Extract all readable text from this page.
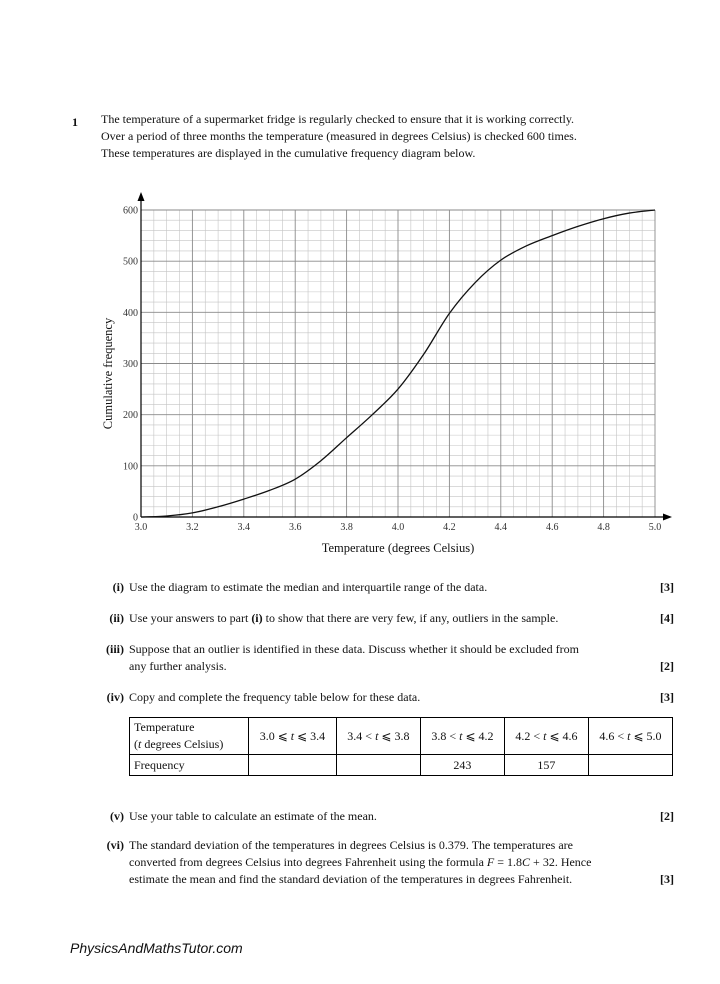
1 The temperature of a supermarket fridge is regularly checked to ensure that it is working correctly.

Over a period of three months the temperature (measured in degrees Celsius) is checked 600 times.

These temperatures are displayed in the cumulative frequency diagram below.

3.0	3.2	3.4	3.6	3.8	4.0	4.2	4.4	4.6	4.8	5.0
0
100
200
300
400
500
600
Temperature (degrees Celsius)
Cumulative frequency
(i) Use the diagram to estimate the median and interquartile range of the data.	[3]
(ii) Use your answers to part (i) to show that there are very few, if any, outliers in the sample.	[4]
(iii) Suppose that an outlier is identified in these data. Discuss whether it should be excluded from
any further analysis.	[2]
(iv) Copy and complete the frequency table below for these data.	[3]
(v) Use your table to calculate an estimate of the mean.	[2]
(vi) The standard deviation of the temperatures in degrees Celsius is 0.379. The temperatures are
converted from degrees Celsius into degrees Fahrenheit using the formula F = 1.8C + 32. Hence
estimate the mean and find the standard deviation of the temperatures in degrees Fahrenheit.	[3]
Temperature
(t degrees Celsius)	3.0 ⩽ t ⩽ 3.4	3.4 < t ⩽ 3.8	3.8 < t ⩽ 4.2	4.2 < t ⩽ 4.6	4.6 < t ⩽ 5.0
Frequency			243	157	
PhysicsAndMathsTutor.com
